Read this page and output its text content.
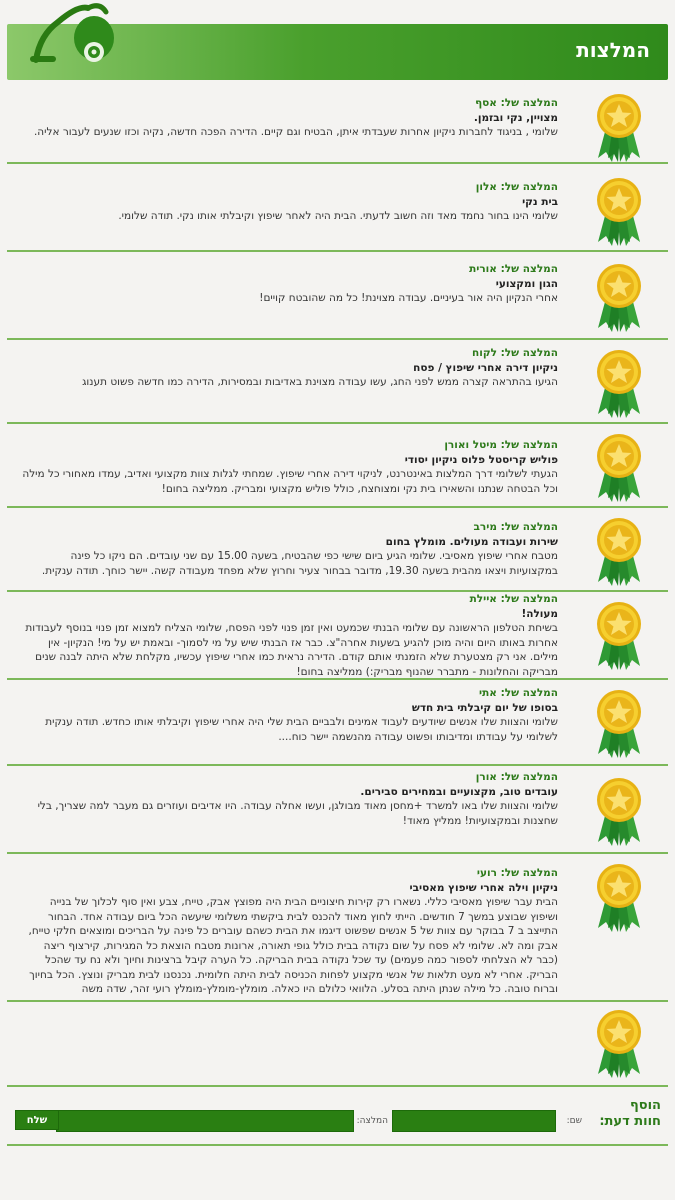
המלצות
המלצה של: אסף
מצויין, נקי ובזמן.
שלומי , בניגוד לחברות ניקיון אחרות שעבדתי איתן, הבטיח וגם קיים. הדירה הפכה חדשה, נקיה וכזו שנעים לעבור אליה.
המלצה של: אלון
בית נקי
שלומי הינו בחור נחמד מאד וזה חשוב לדעתי. הבית היה לאחר שיפוץ וקיבלתי אותו נקי. תודה שלומי.
המלצה של: אורית
הגון ומקצועי
אחרי הנקיון היה אור בעיניים. עבודה מצוינת! כל מה שהובטח קויים!
המלצה של: לקוח
ניקיון דירה אחרי שיפוץ / פסח
הגיעו בהתראה קצרה ממש לפני החג, עשו עבודה מצוינת באדיבות ובמסירות, הדירה כמו חדשה פשוט תענוג
המלצה של: מיטל ואורן
פוליש קריסטל פלוס ניקיון יסודי
הגעתי לשלומי דרך המלצות באינטרנט, לניקוי דירה אחרי שיפוץ. שמחתי לגלות צוות מקצועי ואדיב, עמדו מאחורי כל מילה וכל הבטחה שנתנו והשאירו בית נקי ומצוחצח, כולל פוליש מקצועי ומבריק. ממליצה בחום!
המלצה של: מירב
שירות ועבודה מעולים. מומלץ בחום
מטבח אחרי שיפוץ מאסיבי. שלומי הגיע ביום שישי כפי שהבטיח, בשעה 15.00 עם שני עובדים. הם ניקו כל פינה במקצועיות ויצאו מהבית בשעה 19.30, מדובר בבחור צעיר וחרוץ שלא מפחד מעבודה קשה. יישר כוחך. תודה ענקית.
המלצה של: איילת
מעולה!
בשיחת הטלפון הראשונה עם שלומי הבנתי שכמעט ואין זמן פנוי לפני הפסח, שלומי הצליח למצוא זמן פנוי בנוסף לעבודות אחרות באותו היום והיה מוכן להגיע בשעות אחרה"צ. כבר אז הבנתי שיש על מי לסמוך- ובאמת יש על מי! הנקיון- אין מילים. אני רק מצטערת שלא הזמנתי אותם קודם. הדירה נראית כמו אחרי שיפוץ עכשיו, מקלחת שלא היתה לבנה שנים מבריקה והחלונות - מתברר שהנוף מבריק:) ממליצה בחום!
המלצה של: אתי
בסופו של יום קיבלתי בית חדש
שלומי והצוות שלו אנשים שיודעים לעבוד אמינים ולבביים הבית שלי היה אחרי שיפוץ וקיבלתי אותו כחדש. תודה ענקית לשלומי על עבודתו ומדיבותו ופשוט עבודה מהנשמה יישר כוח....
המלצה של: אורן
עובדים טוב, מקצועיים ובמחירים סבירים.
שלומי והצוות שלו באו למשרד +מחסן מאוד מבולגן, ועשו אחלה עבודה. היו אדיבים ועוזרים גם מעבר למה שצריך, בלי שחצנות ובמקצועיות! ממליץ מאוד!
המלצה של: רועי
ניקיון וילה אחרי שיפוץ מאסיבי
הבית עבר שיפוץ מאסיבי כללי. נשארו רק קירות חיצוניים הבית היה מפוצץ אבק, טייח, צבע ואין סוף לכלוך של בנייה ושיפוץ שבוצע במשך 7 חודשים. הייתי לחוץ מאוד להכנס לבית ביקשתי משלומי שיעשה הכל ביום עבודה אחד. הבחור התייצב ב 7 בבוקר עם צוות של 5 אנשים שפשוט דיגמו את הבית כשהם עוברים כל פינה על הבריכים ומוצאים חלקי טייח, אבק ומה לא. שלומי לא פסח על שום נקודה בבית כולל גופי תאורה, ארונות מטבח הוצאת כל המגירות, קירצוף ריצה (כבר לא הצלחתי לספור כמה פעמים) עד שכל נקודה בבית הבריקה. כל הערה קיבל ברצינות וחיוך ולא נח עד שהכל הבריק. אחרי לא מעט תלאות של אנשי מקצוע לפחות הכניסה לבית היתה חלומית. נכנסנו לבית מבריק ונוצץ. הכל בחיוך וברוח טובה. כל מילה שנתן היתה בסלע. הלוואי כלולם היו כאלה. מומלץ-מומלץ-מומלץ רועי זהר, שדה משה
הוסף
חוות דעת:
שם:
המלצה:
שלח
